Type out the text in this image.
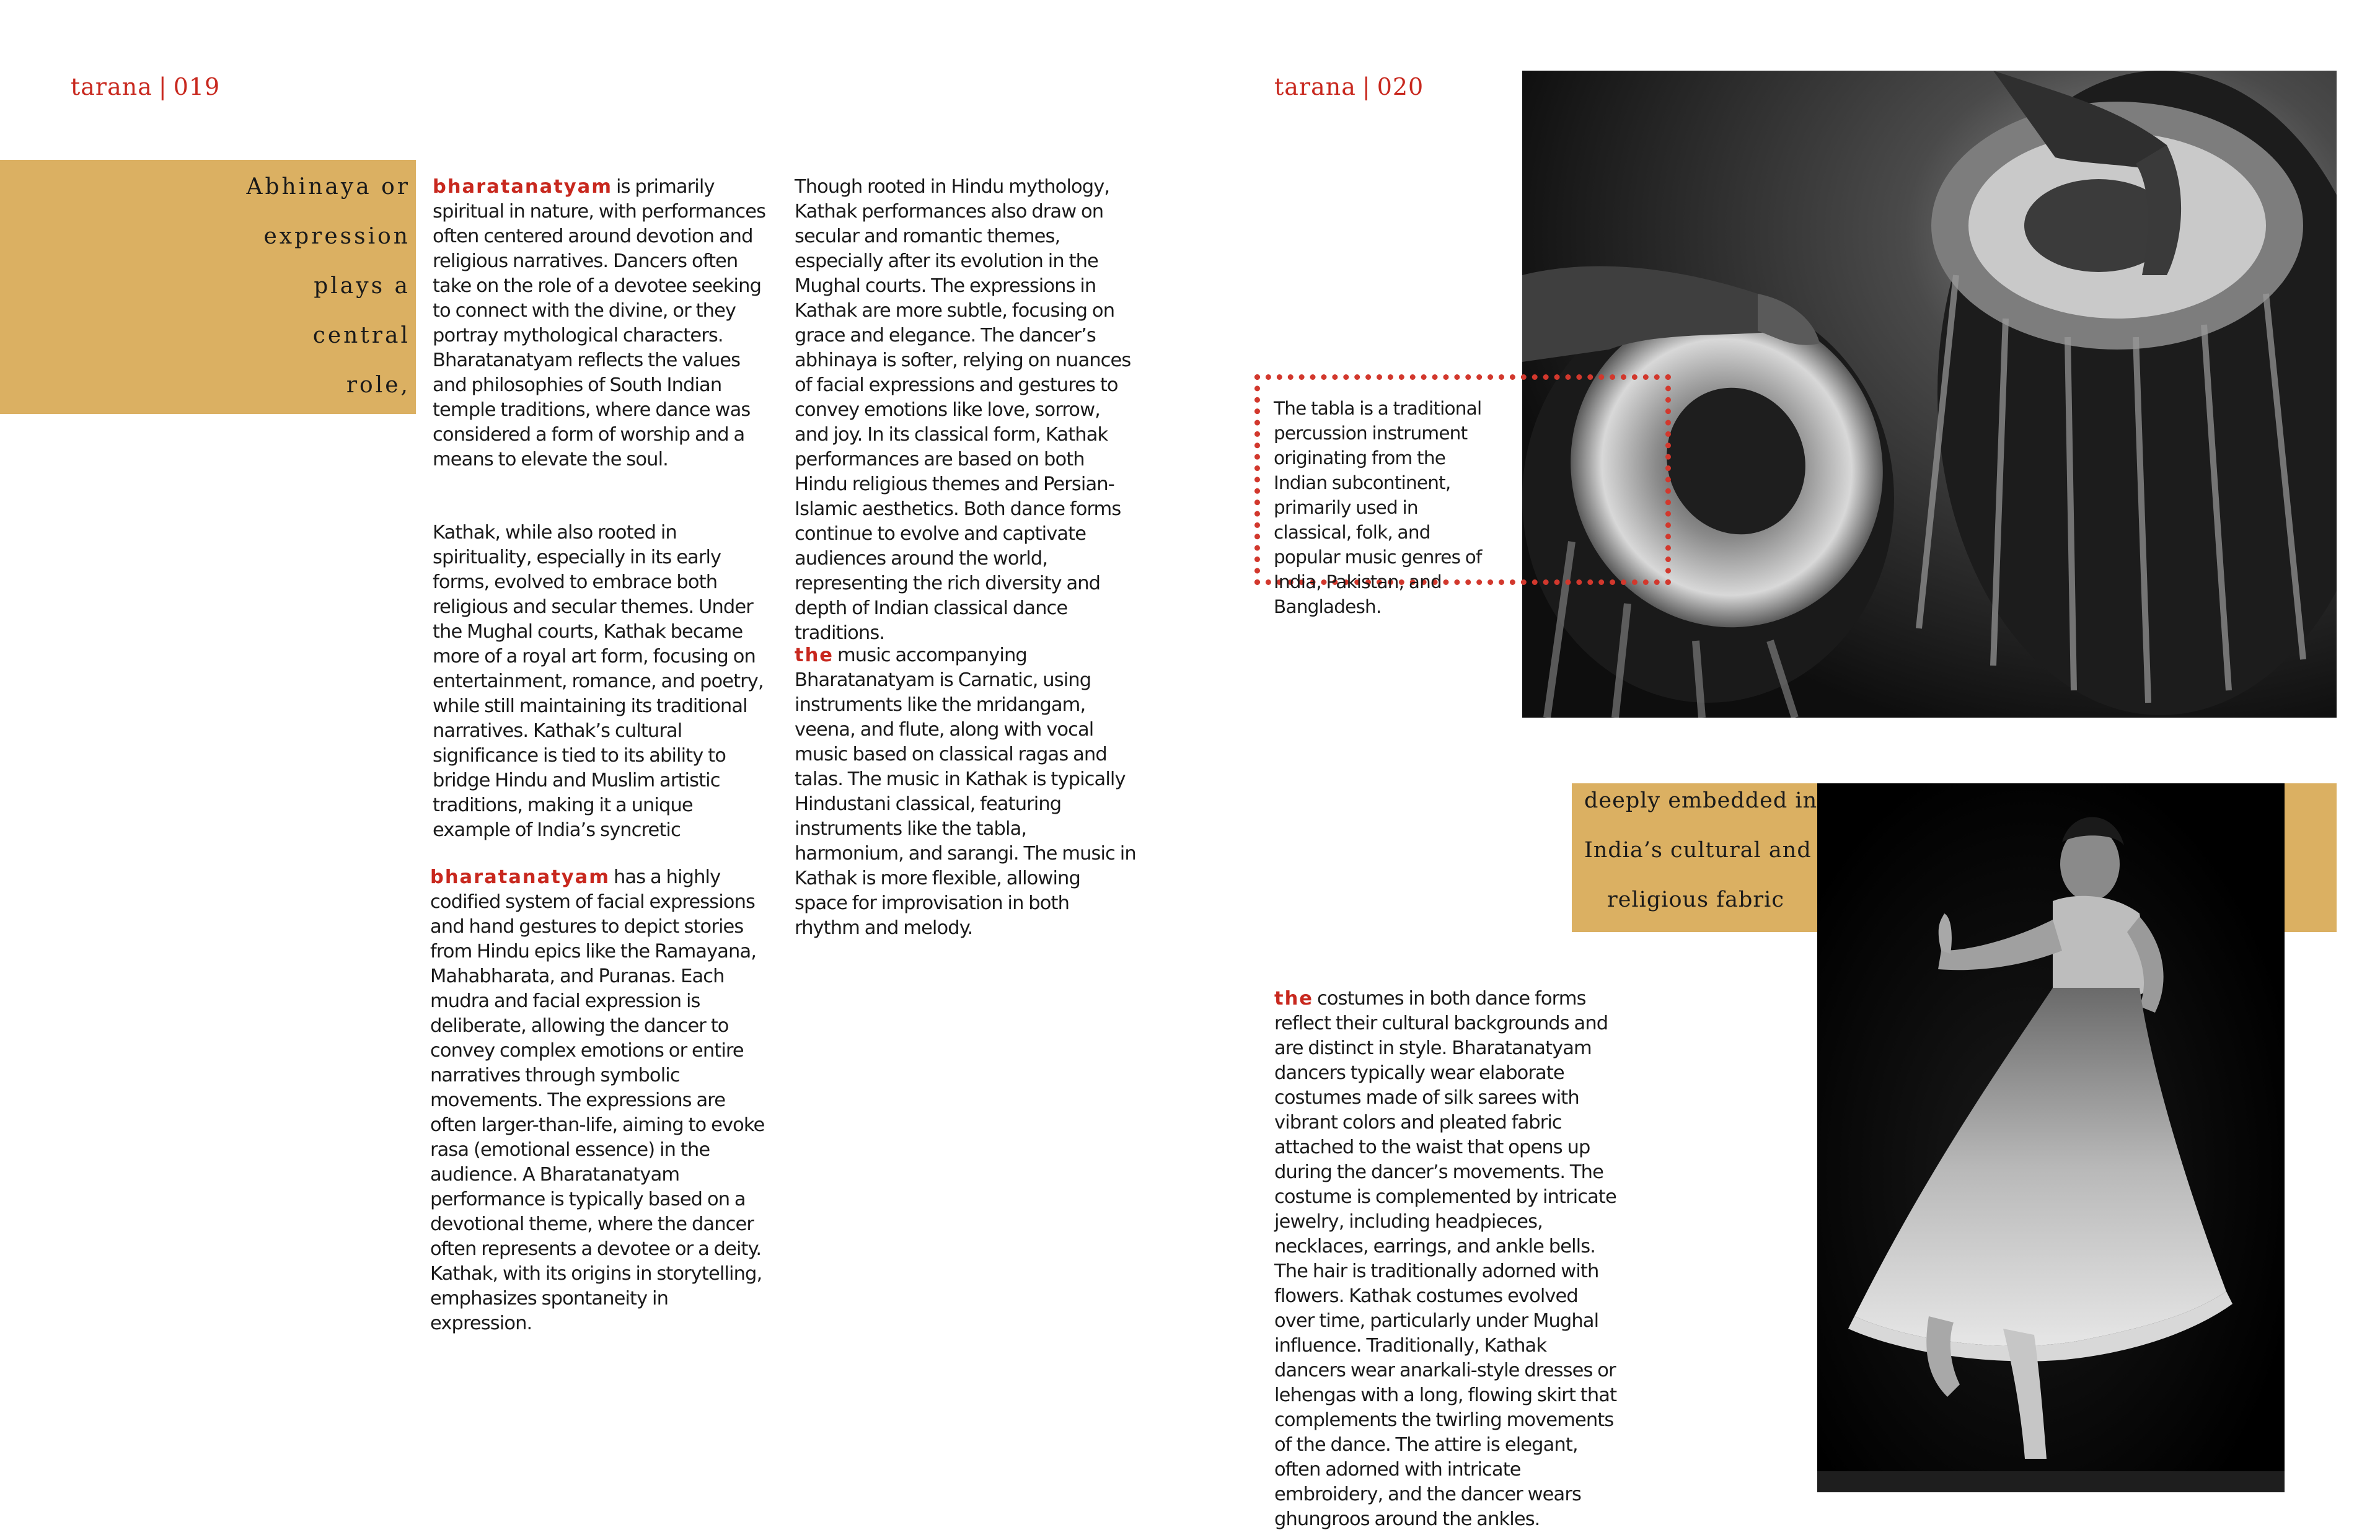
tarana | 019
Abhinaya or
expression
plays a
central
role,
bharatanatyam is primarily spiritual in nature, with performances often centered around devotion and religious narratives. Dancers often take on the role of a devotee seeking to connect with the divine, or they portray mythological characters. Bharatanatyam reflects the values and philosophies of South Indian temple traditions, where dance was considered a form of worship and a means to elevate the soul.
Kathak, while also rooted in spirituality, especially in its early forms, evolved to embrace both religious and secular themes. Under the Mughal courts, Kathak became more of a royal art form, focusing on entertainment, romance, and poetry, while still maintaining its traditional narratives. Kathak’s cultural significance is tied to its ability to bridge Hindu and Muslim artistic traditions, making it a unique example of India’s syncretic
bharatanatyam has a highly codified system of facial expressions and hand gestures to depict stories from Hindu epics like the Ramayana, Mahabharata, and Puranas. Each mudra and facial expression is deliberate, allowing the dancer to convey complex emotions or entire narratives through symbolic movements. The expressions are often larger-than-life, aiming to evoke rasa (emotional essence) in the audience. A Bharatanatyam performance is typically based on a devotional theme, where the dancer often represents a devotee or a deity. Kathak, with its origins in storytelling, emphasizes spontaneity in expression.
Though rooted in Hindu mythology, Kathak performances also draw on secular and romantic themes, especially after its evolution in the Mughal courts. The expressions in Kathak are more subtle, focusing on grace and elegance. The dancer’s abhinaya is softer, relying on nuances of facial expressions and gestures to convey emotions like love, sorrow, and joy. In its classical form, Kathak performances are based on both Hindu religious themes and Persian-Islamic aesthetics. Both dance forms continue to evolve and captivate audiences around the world, representing the rich diversity and depth of Indian classical dance traditions.
the music accompanying Bharatanatyam is Carnatic, using instruments like the mridangam, veena, and flute, along with vocal music based on classical ragas and talas. The music in Kathak is typically Hindustani classical, featuring instruments like the tabla, harmonium, and sarangi. The music in Kathak is more flexible, allowing space for improvisation in both rhythm and melody.
tarana | 020
The tabla is a traditional percussion instrument originating from the Indian subcontinent, primarily used in classical, folk, and popular music genres of India, Pakistan, and Bangladesh.
deeply embedded in
India’s cultural and
religious fabric
the costumes in both dance forms reflect their cultural backgrounds and are distinct in style. Bharatanatyam dancers typically wear elaborate costumes made of silk sarees with vibrant colors and pleated fabric attached to the waist that opens up during the dancer’s movements. The costume is complemented by intricate jewelry, including headpieces, necklaces, earrings, and ankle bells. The hair is traditionally adorned with flowers. Kathak costumes evolved over time, particularly under Mughal influence. Traditionally, Kathak dancers wear anarkali-style dresses or lehengas with a long, flowing skirt that complements the twirling movements of the dance. The attire is elegant, often adorned with intricate embroidery, and the dancer wears ghungroos around the ankles.
